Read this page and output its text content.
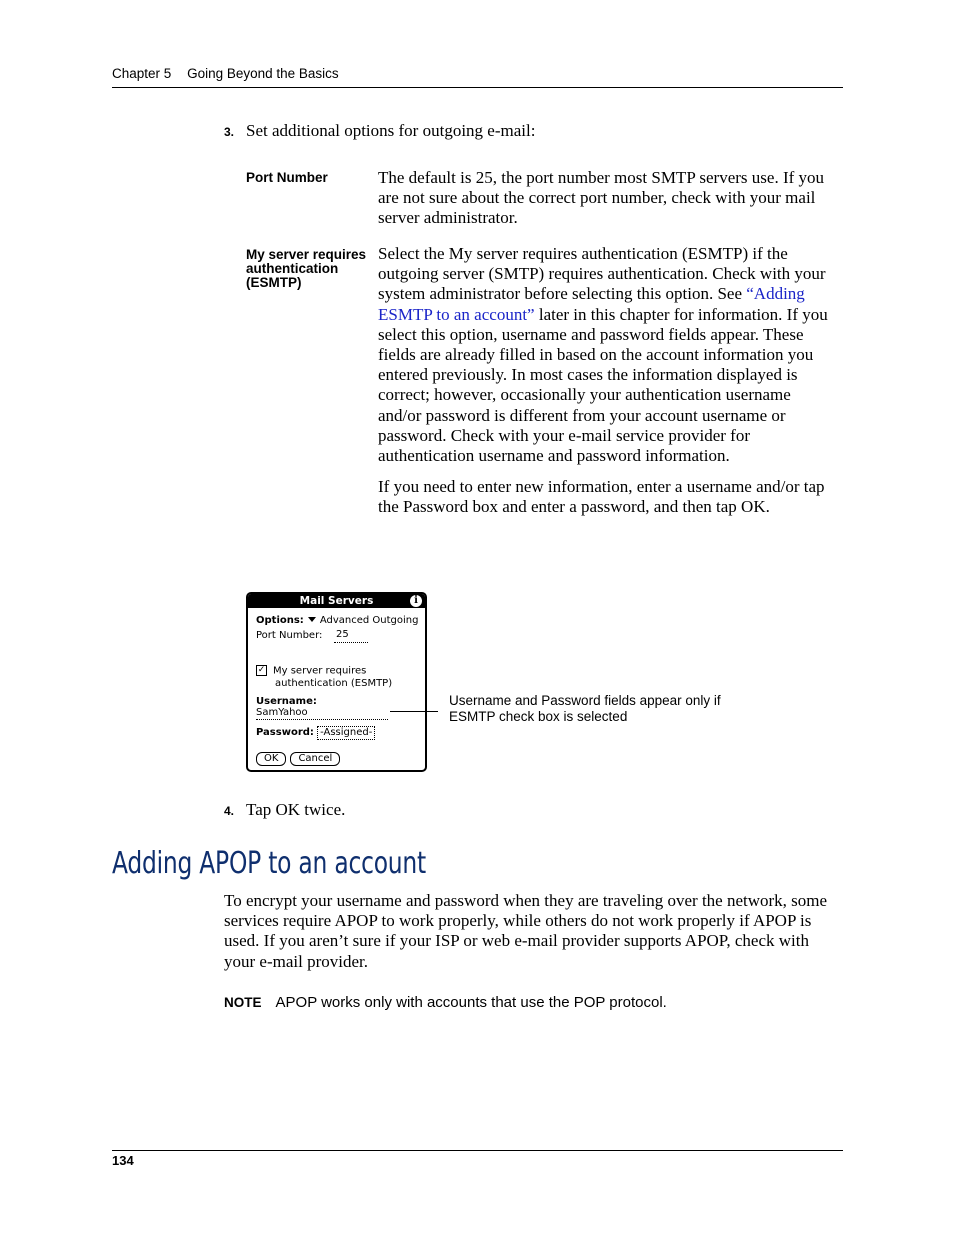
Chapter 5 Going Beyond the Basics
3. Set additional options for outgoing e-mail:
Port Number	The default is 25, the port number most SMTP servers use. If you are not sure about the correct port number, check with your mail server administrator.

My server requires
authentication
(ESMTP)

Select the My server requires authentication (ESMTP) if the outgoing server (SMTP) requires authentication. Check with your system administrator before selecting this option. See “Adding ESMTP to an account” later in this chapter for information. If you select this option, username and password fields appear. These fields are already filled in based on the account information you entered previously. In most cases the information displayed is correct; however, occasionally your authentication username and/or password is different from your account username or password. Check with your e-mail service provider for authentication username and password information.

If you need to enter new information, enter a username and/or tap the Password box and enter a password, and then tap OK.

Mail Servers	i
Options: Advanced Outgoing
Port Number: 25
✓ My server requires
authentication (ESMTP)
Username:
SamYahoo
Password: -Assigned-
OK Cancel
Username and Password fields appear only if ESMTP check box is selected
4. Tap OK twice.
Adding APOP to an account
To encrypt your username and password when they are traveling over the network, some services require APOP to work properly, while others do not work properly if APOP is used. If you aren’t sure if your ISP or web e-mail provider supports APOP, check with your e-mail provider.
NOTE APOP works only with accounts that use the POP protocol.
134
